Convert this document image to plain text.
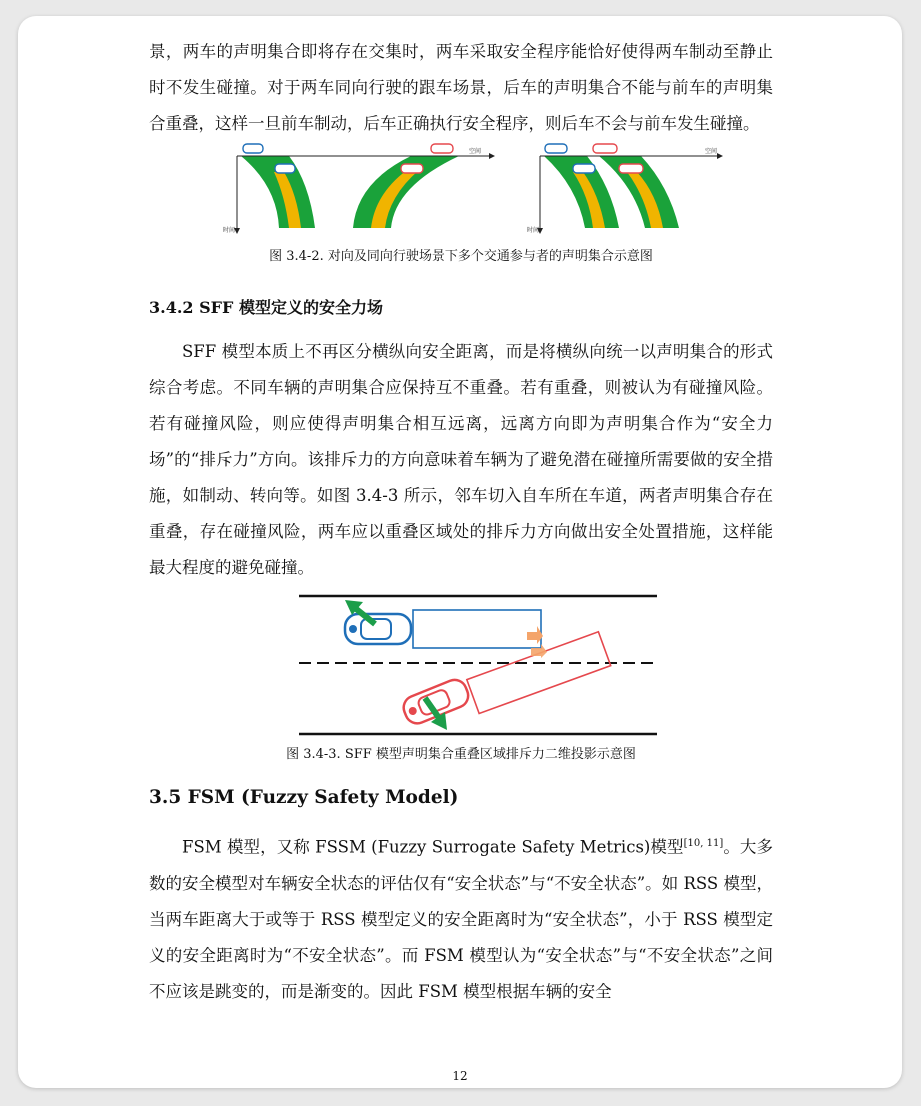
景，两车的声明集合即将存在交集时，两车采取安全程序能恰好使得两车制动至静止时不发生碰撞。对于两车同向行驶的跟车场景，后车的声明集合不能与前车的声明集合重叠，这样一旦前车制动，后车正确执行安全程序，则后车不会与前车发生碰撞。

空间
时间
空间
时间

图 3.4-2. 对向及同向行驶场景下多个交通参与者的声明集合示意图

3.4.2 SFF 模型定义的安全力场

SFF 模型本质上不再区分横纵向安全距离，而是将横纵向统一以声明集合的形式综合考虑。不同车辆的声明集合应保持互不重叠。若有重叠，则被认为有碰撞风险。若有碰撞风险，则应使得声明集合相互远离，远离方向即为声明集合作为“安全力场”的“排斥力”方向。该排斥力的方向意味着车辆为了避免潜在碰撞所需要做的安全措施，如制动、转向等。如图 3.4-3 所示，邻车切入自车所在车道，两者声明集合存在重叠，存在碰撞风险，两车应以重叠区域处的排斥力方向做出安全处置措施，这样能最大程度的避免碰撞。

图 3.4-3. SFF 模型声明集合重叠区域排斥力二维投影示意图

3.5 FSM (Fuzzy Safety Model)

FSM 模型，又称 FSSM (Fuzzy Surrogate Safety Metrics)模型[10, 11]。大多数的安全模型对车辆安全状态的评估仅有“安全状态”与“不安全状态”。如 RSS 模型，当两车距离大于或等于 RSS 模型定义的安全距离时为“安全状态”，小于 RSS 模型定义的安全距离时为“不安全状态”。而 FSM 模型认为“安全状态”与“不安全状态”之间不应该是跳变的，而是渐变的。因此 FSM 模型根据车辆的安全

12
